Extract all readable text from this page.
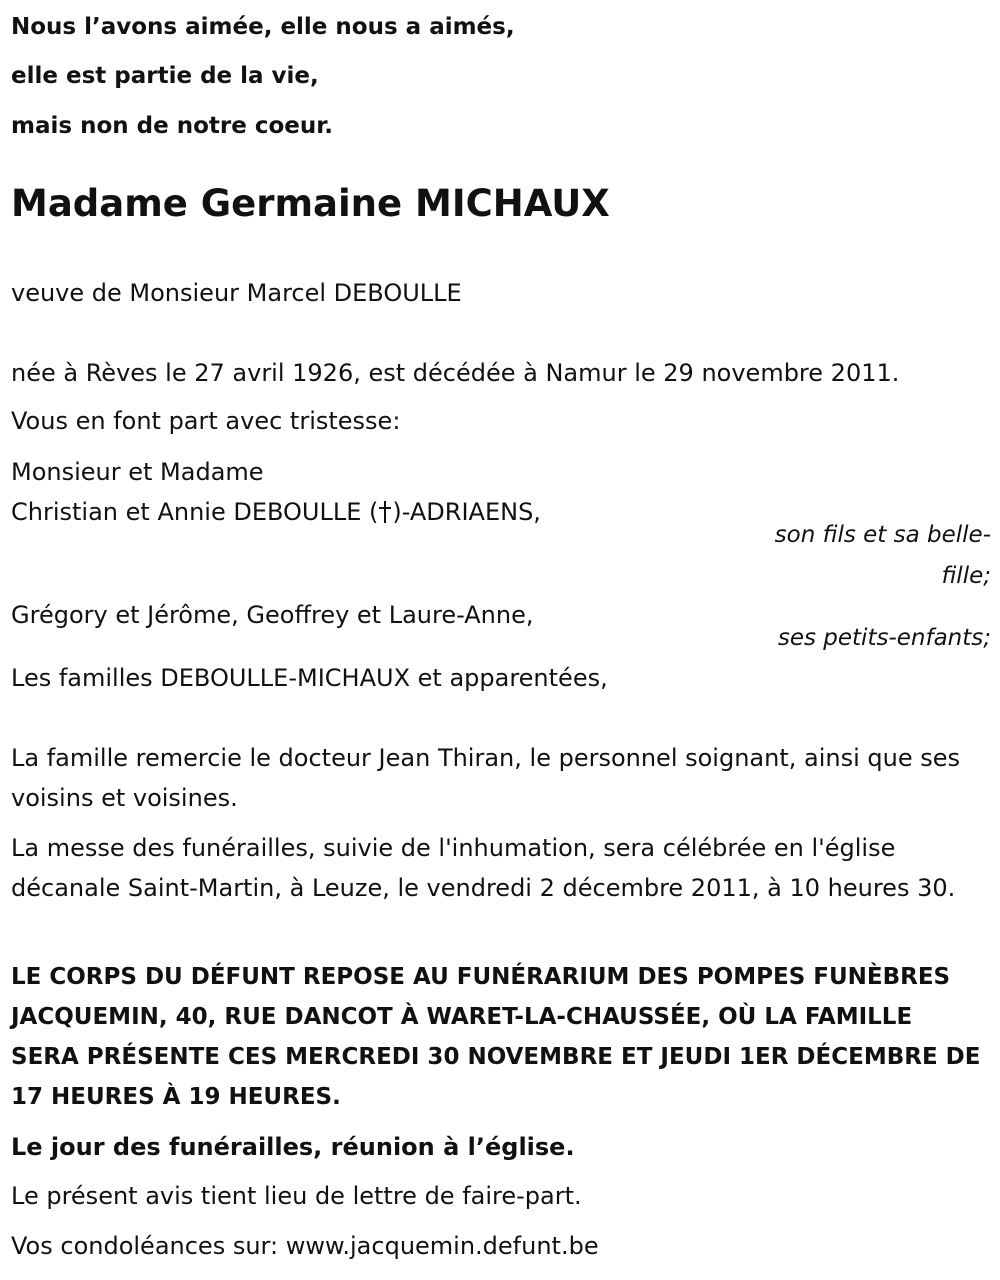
Nous l’avons aimée, elle nous a aimés,
elle est partie de la vie,
mais non de notre coeur.
Madame Germaine MICHAUX
veuve de Monsieur Marcel DEBOULLE
née à Rèves le 27 avril 1926, est décédée à Namur le 29 novembre 2011.
Vous en font part avec tristesse:
Monsieur et Madame
Christian et Annie DEBOULLE ( )-ADRIAENS,
son fils et sa belle-
fille;
Grégory et Jérôme, Geoffrey et Laure-Anne,
ses petits-enfants;
Les familles DEBOULLE-MICHAUX et apparentées,
La famille remercie le docteur Jean Thiran, le personnel soignant, ainsi que ses voisins et voisines.
La messe des funérailles, suivie de l'inhumation, sera célébrée en l'église décanale Saint-Martin, à Leuze, le vendredi 2 décembre 2011, à 10 heures 30.
LE CORPS DU DÉFUNT REPOSE AU FUNÉRARIUM DES POMPES FUNÈBRES JACQUEMIN, 40, RUE DANCOT À WARET-LA-CHAUSSÉE, OÙ LA FAMILLE SERA PRÉSENTE CES MERCREDI 30 NOVEMBRE ET JEUDI 1ER DÉCEMBRE DE 17 HEURES À 19 HEURES.
Le jour des funérailles, réunion à l’église.
Le présent avis tient lieu de lettre de faire-part.
Vos condoléances sur: www.jacquemin.defunt.be
